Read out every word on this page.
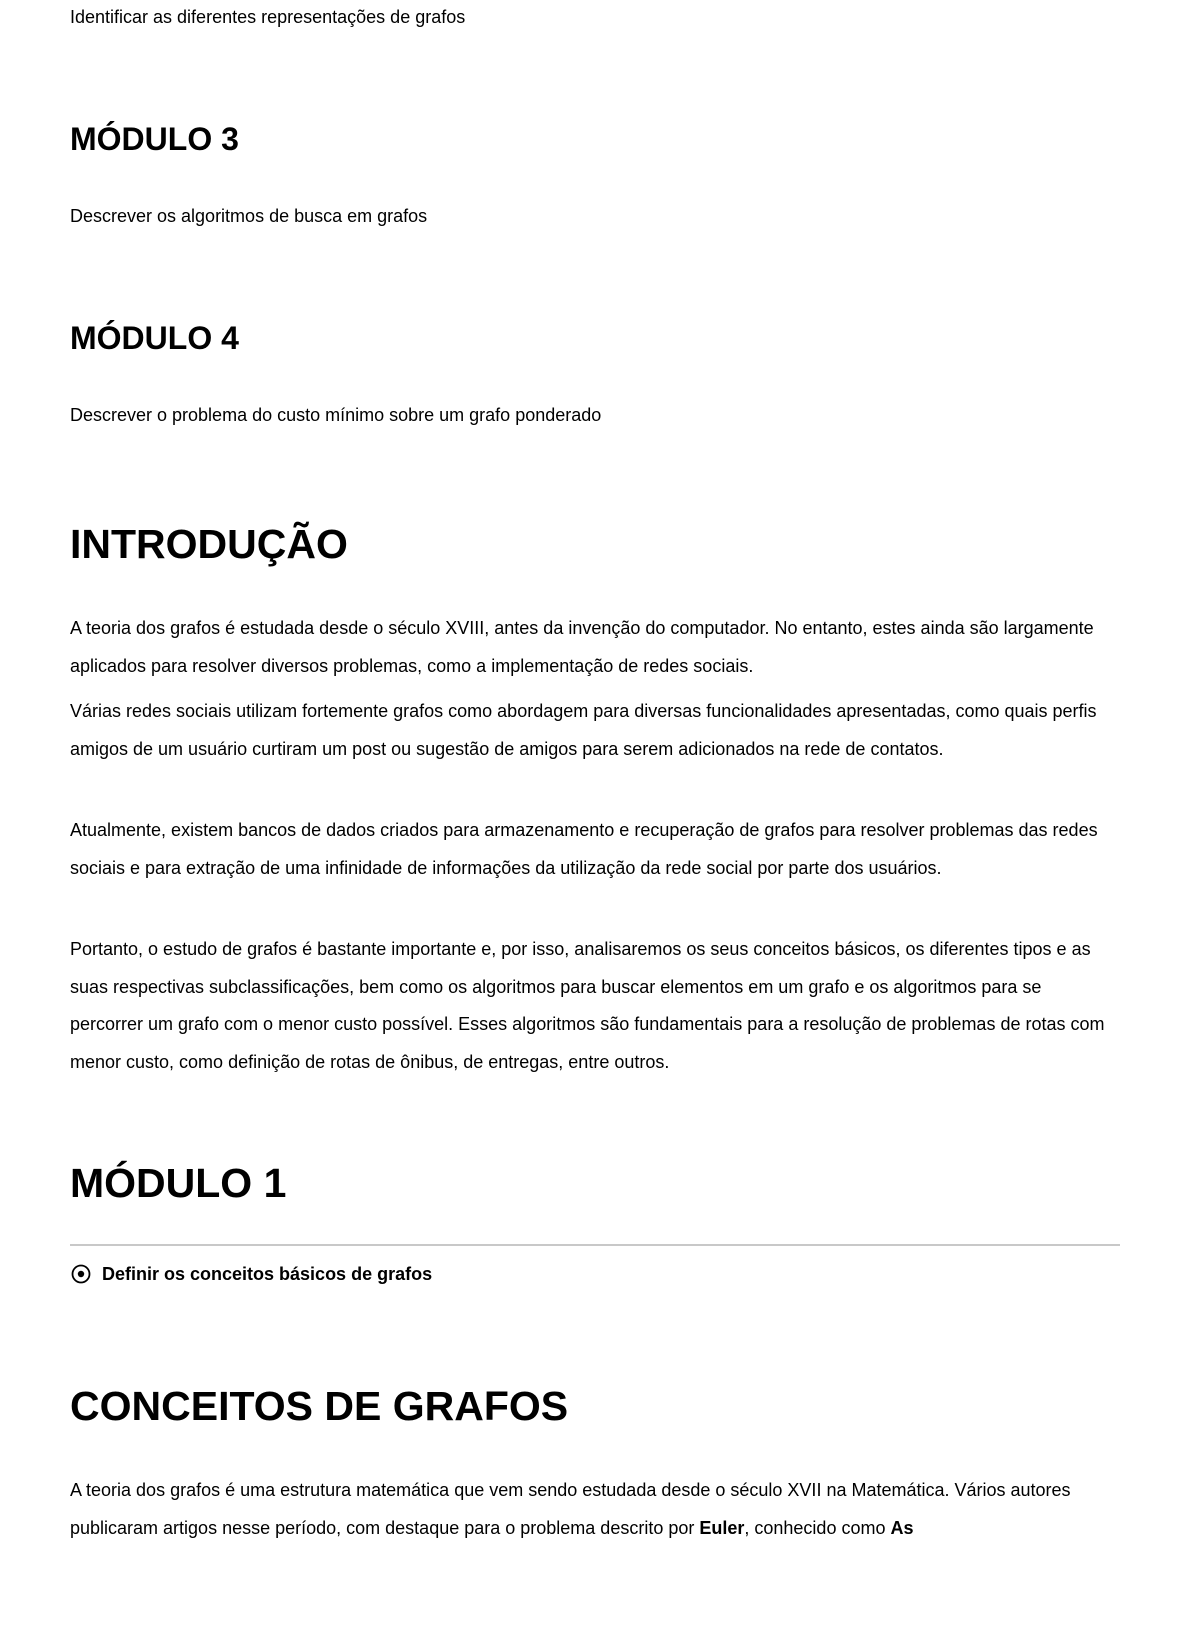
Identificar as diferentes representações de grafos

MÓDULO 3

Descrever os algoritmos de busca em grafos

MÓDULO 4

Descrever o problema do custo mínimo sobre um grafo ponderado

INTRODUÇÃO

A teoria dos grafos é estudada desde o século XVIII, antes da invenção do computador. No entanto, estes ainda são largamente aplicados para resolver diversos problemas, como a implementação de redes sociais.

Várias redes sociais utilizam fortemente grafos como abordagem para diversas funcionalidades apresentadas, como quais perfis amigos de um usuário curtiram um post ou sugestão de amigos para serem adicionados na rede de contatos.

Atualmente, existem bancos de dados criados para armazenamento e recuperação de grafos para resolver problemas das redes sociais e para extração de uma infinidade de informações da utilização da rede social por parte dos usuários.

Portanto, o estudo de grafos é bastante importante e, por isso, analisaremos os seus conceitos básicos, os diferentes tipos e as suas respectivas subclassificações, bem como os algoritmos para buscar elementos em um grafo e os algoritmos para se percorrer um grafo com o menor custo possível. Esses algoritmos são fundamentais para a resolução de problemas de rotas com menor custo, como definição de rotas de ônibus, de entregas, entre outros.

MÓDULO 1
Definir os conceitos básicos de grafos
CONCEITOS DE GRAFOS

A teoria dos grafos é uma estrutura matemática que vem sendo estudada desde o século XVII na Matemática. Vários autores publicaram artigos nesse período, com destaque para o problema descrito por Euler, conhecido como As
